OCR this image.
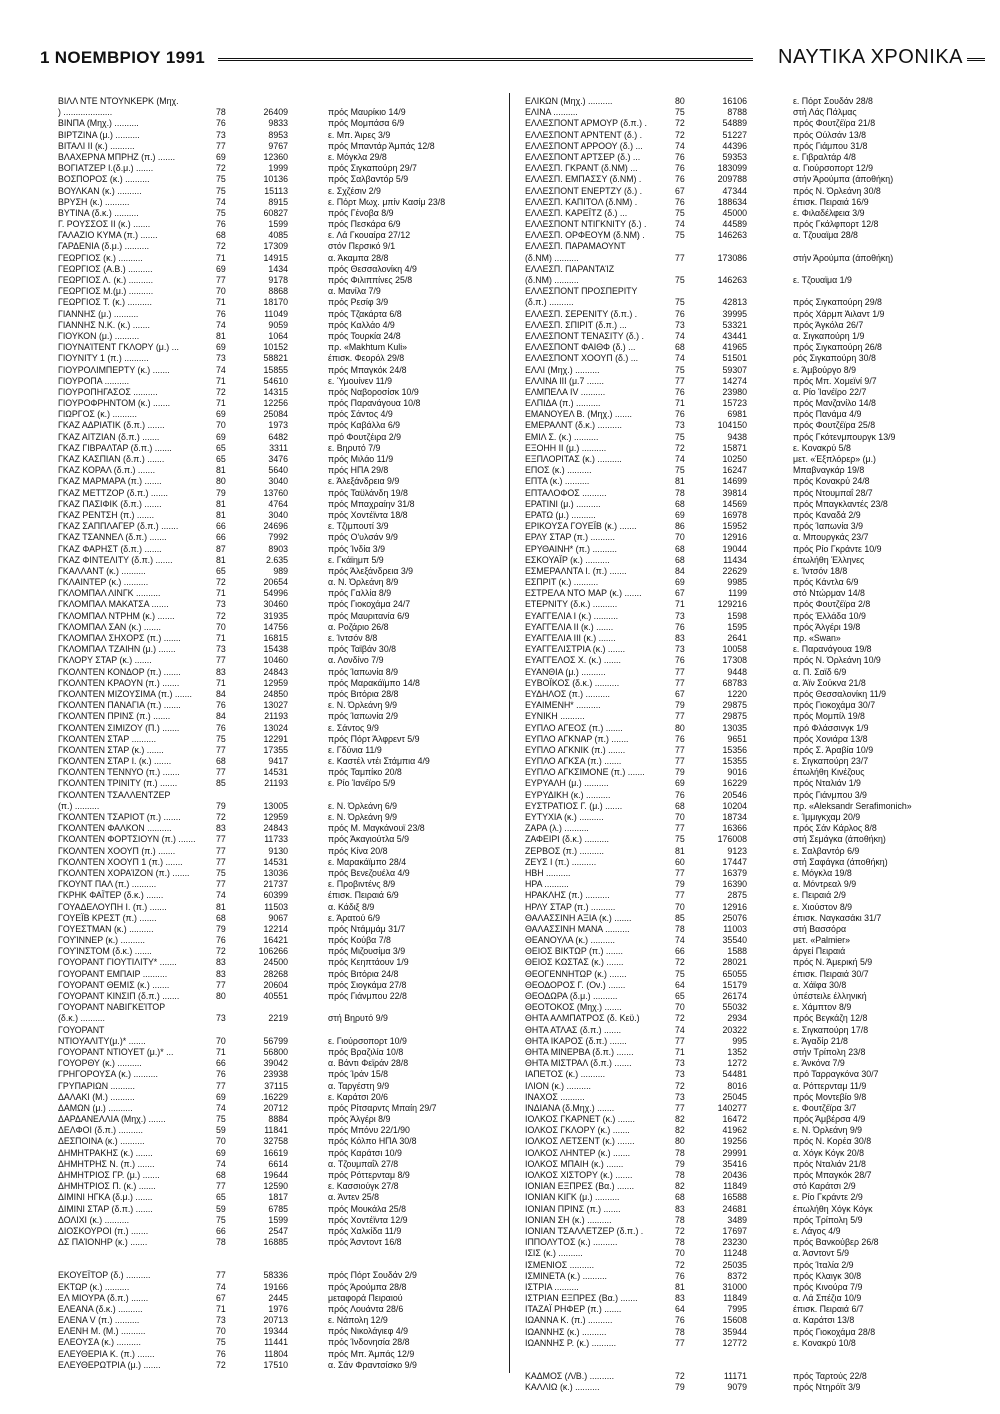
1 ΝΟΕΜΒΡΙΟΥ 1991	ΝΑΥΤΙΚΑ ΧΡΟΝΙΚΑ
ΒΙΛΛ ΝΤΕ ΝΤΟΥΝΚΕΡΚ (Μηχ.
) ....................	78	26409	πρός Μαυρίκιο 14/9
ΒΙΝΠΑ (Μηχ.) ..........	76	9833	πρός Μομπάσα 6/9
ΒΙΡΤΖΙΝΑ (μ.) ..........	73	8953	ε. Μπ. Άιρες 3/9
ΒΙΤΑΛΙ ΙΙ (κ.) ..........	77	9767	πρός Μπαντάρ Άμπάς 12/8
ΒΛΑΧΕΡΝΑ ΜΠΡΗΖ (π.) .......	69	12360	ε. Μόγκλα 29/8
ΒΟΓΙΑΤΖΕΡ Ι.(δ.μ.) .......	72	1999	πρός Σιγκαπούρη 29/7
ΒΟΣΠΟΡΟΣ (κ.) ..........	75	10136	πρός Σαλβαντόρ 5/9
ΒΟΥΛΚΑΝ (κ.) ..........	75	15113	ε. Σχζέσιν 2/9
ΒΡΥΣΗ (κ.) ..........	74	8915	ε. Πόρτ Μωχ. μπίν Κασίμ 23/8
ΒΥΤΙΝΑ (δ.κ.) ..........	75	60827	πρός Γένοβα 8/9
Γ. ΡΟΥΣΣΟΣ ΙΙ (κ.) .......	76	1599	πρός Πεσκάρα 6/9
ΓΑΛΑΖΙΟ ΚΥΜΑ (π.) .......	68	4085	ε. Λά Γκουαίρα 27/12
ΓΑΡΔΕΝΙΑ (δ.μ.) ..........	72	17309	στόν Περσικό 9/1
ΓΕΩΡΓΙΟΣ (κ.) ..........	71	14915	α. Άκαμπα 28/8
ΓΕΩΡΓΙΟΣ (Α.Β.) ..........	69	1434	πρός Θεσσαλονίκη 4/9
ΓΕΩΡΓΙΟΣ Λ. (κ.) ..........	77	9178	πρός Φιλιππίνες 25/8
ΓΕΩΡΓΙΟΣ Μ.(μ.) ..........	70	8868	α. Μανίλα 7/9
ΓΕΩΡΓΙΟΣ Τ. (κ.) ..........	71	18170	πρός Ρεσίφ 3/9
ΓΙΑΝΝΗΣ (μ.) ..........	76	11049	πρός Τζακάρτα 6/8
ΓΙΑΝΝΗΣ Ν.Κ. (κ.) .......	74	9059	πρός Καλλάο 4/9
ΓΙΟΥΚΟΝ (μ.) ..........	81	1064	πρός Τουρκία 24/8
ΓΙΟΥΝΑΊΤΕΝΤ ΓΚΛΟΡΥ (μ.) ...	69	10152	πρ. «Makhtum Kuli»
ΓΙΟΥΝΙΤΥ 1 (π.) ..........	73	58821	έπισκ. Φεορόλ 29/8
ΓΙΟΥΡΟΛΙΜΠΕΡΤΥ (κ.) .......	74	15855	πρός Μπαγκόκ 24/8
ΓΙΟΥΡΟΠΑ ..........	71	54610	ε. Ύμουίνεν 11/9
ΓΙΟΥΡΟΠΗΓΑΣΟΣ ..........	72	14315	πρός Ναβοροσίσκ 10/9
ΓΙΟΥΡΟΦΡΗΝΤΟΜ (κ.) .......	71	12256	πρός Παρανάγουα 10/8
ΓΙΩΡΓΟΣ (κ.) ..........	69	25084	πρός Σάντος 4/9
ΓΚΑΖ ΑΔΡΙΑΤΙΚ (δ.π.) .......	70	1973	πρός Καβάλλα 6/9
ΓΚΑΖ ΑΙΤΖΙΑΝ (δ.π.) .......	69	6482	πρό Φουτζέιρα 2/9
ΓΚΑΖ ΓΙΒΡΑΛΤΑΡ (δ.π.) .......	65	3311	ε. Βηρυτό 7/9
ΓΚΑΖ ΚΑΣΠΙΑΝ (δ.π.) .......	65	3476	πρός Μιλάο 11/9
ΓΚΑΖ ΚΟΡΑΛ (δ.π.) .......	81	5640	πρός ΗΠΑ 29/8
ΓΚΑΖ ΜΑΡΜΑΡΑ (π.) .......	80	3040	ε. Άλεξάνδρεια 9/9
ΓΚΑΖ ΜΕΤΤΖΟΡ (δ.π.) .......	79	13760	πρός Ταϋλάνδη 19/8
ΓΚΑΖ ΠΑΣΙΦΙΚ (δ.π.) .......	81	4764	πρός Μπαχραίην 31/8
ΓΚΑΖ ΡΕΝΤΣΗ (π.) .......	81	3040	πρός Χοντέϊντα 18/8
ΓΚΑΖ ΣΑΠΠΛΑΓΕΡ (δ.π.) .......	66	24696	ε. Τζιμπουτί 3/9
ΓΚΑΖ ΤΣΑΝΝΕΛ (δ.π.) .......	66	7992	πρός Ο'υλσάν 9/9
ΓΚΑΖ ΦΑΡΗΣΤ (δ.π.) .......	87	8903	πρός Ίνδία 3/9
ΓΚΑΖ ΦΙΝΤΕΛΙΤΥ (δ.π.) .......	81	2.635	ε. Γκάϊημπ 5/9
ΓΚΑΛΛΑΝΤ (κ.) ..........	65	989	πρός Άλεξάνδρεια 3/9
ΓΚΛΑΙΝΤΕΡ (κ.) ..........	72	20654	α. Ν. Όρλεάνη 8/9
ΓΚΛΟΜΠΑΛ ΛΙΝΓΚ ..........	71	54996	πρός Γαλλία 8/9
ΓΚΛΟΜΠΑΛ ΜΑΚΑΤΣΑ .......	73	30460	πρός Γιοκοχάμα 24/7
ΓΚΛΟΜΠΑΛ ΝΤΡΗΜ (κ.) .......	72	31935	πρός Μαυριτανία 6/9
ΓΚΛΟΜΠΑΛ ΣΑΝ (κ.) .......	70	14756	α. Ροζάριο 26/8
ΓΚΛΟΜΠΑΛ ΣΗΧΟΡΣ (π.) .......	71	16815	ε. Ίντσόν 8/8
ΓΚΛΟΜΠΑΛ ΤΖΑΙΗΝ (μ.) .......	73	15438	πρός Ταϊβάν 30/8
ΓΚΛΟΡΥ ΣΤΑΡ (κ.) .......	77	10460	α. Λονδίνο 7/9
ΓΚΟΛΝΤΕΝ ΚΟΝΔΟΡ (π.) .......	83	24843	πρός Ίαπωνία 8/9
ΓΚΟΛΝΤΕΝ ΚΡΑΟΥΝ (π.) .......	71	12959	πρός Μαρακάϊμπο 14/8
ΓΚΟΛΝΤΕΝ ΜΙΖΟΥΣΙΜΑ (π.) .......	84	24850	πρός Βιτόρια 28/8
ΓΚΟΛΝΤΕΝ ΠΑΝΑΓΙΑ (π.) .......	76	13027	ε. Ν. Όρλεάνη 9/9
ΓΚΟΛΝΤΕΝ ΠΡΙΝΣ (π.) .......	84	21193	πρός Ίαπωνία 2/9
ΓΚΟΛΝΤΕΝ ΣΙΜΙΖΟΥ (Π.) .......	76	13024	ε. Σάντος 9/9
ΓΚΟΛΝΤΕΝ ΣΤΑΡ ..........	75	12291	πρός Πόρτ Άλφρεντ 5/9
ΓΚΟΛΝΤΕΝ ΣΤΑΡ (κ.) .......	77	17355	ε. Γδύνια 11/9
ΓΚΟΛΝΤΕΝ ΣΤΑΡ Ι. (κ.) .......	68	9417	ε. Καστέλ ντέι Στάμπια 4/9
ΓΚΟΛΝΤΕΝ ΤΕΝΝΥΟ (π.) .......	77	14531	πρός Ταμπίκο 20/8
ΓΚΟΛΝΤΕΝ ΤΡΙΝΙΤΥ (π.) .......	85	21193	ε. Ρίο Ίανέϊρο 5/9
ΓΚΟΛΝΤΕΝ ΤΣΑΛΛΕΝΤΖΕΡ
(π.) ..........	79	13005	ε. Ν. Όρλεάνη 6/9
ΓΚΟΛΝΤΕΝ ΤΣΑΡΙΟΤ (π.) .......	72	12959	ε. Ν. Όρλεάνη 9/9
ΓΚΟΛΝΤΕΝ ΦΑΛΚΟΝ ..........	83	24843	πρός Μ. Μαγκάνουϊ 23/8
ΓΚΟΛΝΤΕΝ ΦΟΡΤΣΙΟΥΝ (π.) .......	77	11733	πρός Άκαγιούτλα 5/9
ΓΚΟΛΝΤΕΝ ΧΟΟΥΠ (π.) .......	77	9130	πρός Κίνα 20/8
ΓΚΟΛΝΤΕΝ ΧΟΟΥΠ 1 (π.) .......	77	14531	ε. Μαρακάϊμπο 28/4
ΓΚΟΛΝΤΕΝ ΧΟΡΑΊΖΟΝ (π.) .......	75	13036	πρός Βενεζουέλα 4/9
ΓΚΟΥΝΤ ΠΑΛ (π.) ..........	77	21737	ε. Προβιντένς 8/9
ΓΚΡΗΚ ΦΑΪΤΕΡ (δ.κ.) .......	74	60399	έπισκ. Πειραιά 6/9
ΓΟΥΑΔΕΛΟΥΠΗ Ι. (π.) .......	81	11503	α. Κάδιξ 8/9
ΓΟΥΕΪΒ ΚΡΕΣΤ (π.) .......	68	9067	ε. Άρατού 6/9
ΓΟΥΕΣΤΜΑΝ (κ.) ..........	79	12214	πρός Ντάμμάμ 31/7
ΓΟΥΊΝΝΕΡ (κ.) ..........	76	16421	πρός Κούβα 7/8
ΓΟΥΊΝΣΤΟΜ (δ.κ.) .......	72	106266	πρός Μιζουσίμα 3/9
ΓΟΥΟΡΑΝΤ ΓΙΟΥΤΙΛΙΤΥ* .......	83	24500	πρός Κεηπτάουν 1/9
ΓΟΥΟΡΑΝΤ ΕΜΠΑΙΡ ..........	83	28268	πρός Βιτόρια 24/8
ΓΟΥΟΡΑΝΤ ΘΕΜΙΣ (κ.) .......	77	20604	πρός Σιογκάμα 27/8
ΓΟΥΟΡΑΝΤ ΚΙΝΣΙΠ (δ.π.) .......	80	40551	πρός Γιάνμπου 22/8
ΓΟΥΟΡΑΝΤ ΝΑΒΙΓΚΕΊΤΟΡ
(δ.κ.) ..........	73	2219	στή Βηρυτό 9/9
ΓΟΥΟΡΑΝΤ
ΝΤΙΟΥΑΛΙΤΥ(μ.)* .......	70	56799	ε. Γιούρσοπορτ 10/9
ΓΟΥΟΡΑΝΤ ΝΤΙΟΥΕΤ (μ.)* ...	71	56800	πρός Βραζιλία 10/8
ΓΟΥΟΡΘΥ (κ.) ..........	66	39042	α. Βάντι Φεϊράν 28/8
ΓΡΗΓΟΡΟΥΣΑ (κ.) ..........	76	23938	πρός Ίράν 15/8
ΓΡΥΠΑΡΙΩΝ ..........	77	37115	α. Ταργέστη 9/9
ΔΑΛΑΚΙ (Μ.) ..........	69	.16229	ε. Καράτσι 20/6
ΔΑΜΩΝ (μ.) ..........	74	20712	πρός Ρίτσαρντς Μπαίη 29/7
ΔΑΡΔΑΝΕΛΛΙΑ (Μηχ.) .......	75	8884	πρός Άλγέρι 8/9
ΔΕΛΦΟΙ (δ.π.) ..........	59	11841	πρός Μπόνυ 22/1/90
ΔΕΣΠΟΙΝΑ (κ.) ..........	70	32758	πρός Κόλπο ΗΠΑ 30/8
ΔΗΜΗΤΡΑΚΗΣ (κ.) .......	69	16619	πρός Καράτσι 10/9
ΔΗΜΗΤΡΗΣ Ν. (π.) .......	74	6614	α. Τζουμπαΐλ 27/8
ΔΗΜΗΤΡΙΟΣ ΓΡ. (μ.) .......	68	19644	πρός Ρόττερνταμ 8/9
ΔΗΜΗΤΡΙΟΣ Π. (κ.) .......	77	12590	ε. Κασσιούγκ 27/8
ΔΙΜΙΝΙ ΗΓΚΑ (δ.μ.) .......	65	1817	α. Άντεν 25/8
ΔΙΜΙΝΙ ΣΤΑΡ (δ.π.) .......	59	6785	πρός Μουκάλα 25/8
ΔΟΛΙΧΙ (κ.) ..........	75	1599	πρός Χοντέϊντα 12/9
ΔΙΟΣΚΟΥΡΟΙ (π.) .......	66	2547	πρός Χαλκίδα 11/9
ΔΣ ΠΑΊΟΝΗΡ (κ.) .......	78	16885	πρός Άσντοντ 16/8
ΕΚΟΥΕΪΤΟΡ (δ.) ..........	77	58336	πρός Πόρτ Σουδάν 2/9
ΕΚΤΩΡ (κ.) ..........	74	19166	πρός Άρούμπα 28/8
ΕΛ ΜΙΟΥΡΑ (δ.π.) .......	67	2445	μεταφορά Πειραιού
ΕΛΕΑΝΑ (δ.κ.) ..........	71	1976	πρός Λουάντα 28/6
ΕΛΕΝΑ V (π.) ..........	73	20713	ε. Νάπολη 12/9
ΕΛΕΝΗ Μ. (Μ.) ..........	70	19344	πρός Νικολάγιεφ 4/9
ΕΛΕΟΥΣΑ (κ.) ..........	75	11441	πρός Ίνδονησία 28/8
ΕΛΕΥΘΕΡΙΑ Κ. (π.) .......	76	11804	πρός Μπ. Άμπάς 12/9
ΕΛΕΥΘΕΡΩΤΡΙΑ (μ.) .......	72	17510	α. Σάν Φραντσίσκο 9/9
ΕΛΙΚΩΝ (Μηχ.) ..........	80	16106	ε. Πόρτ Σουδάν 28/8
ΕΛΙΝΑ ..........	75	8788	στή Λάς Πάλμας
ΕΛΛΕΣΠΟΝΤ ΑΡΜΟΥΡ (δ.π.) .	72	54889	πρός Φουτζέϊρα 21/8
ΕΛΛΕΣΠΟΝΤ ΑΡΝΤΕΝΤ (δ.) .	72	51227	πρός Ούλσάν 13/8
ΕΛΛΕΣΠΟΝΤ ΑΡΡΟΟΥ (δ.) ...	74	44396	πρός Γιάμπου 31/8
ΕΛΛΕΣΠΟΝΤ ΑΡΤΣΕΡ (δ.) ...	76	59353	ε. Γιβραλτάρ 4/8
ΕΛΛΕΣΠ. ΓΚΡΑΝΤ (δ.ΝΜ) ...	76	183099	α. Γιούρσοπορτ 12/9
ΕΛΛΕΣΠ. ΕΜΠΑΣΣΥ (δ.ΝΜ) .	76	209788	στήν Άρούμπα (άποθήκη)
ΕΛΛΕΣΠΟΝΤ ΕΝΕΡΤΖΥ (δ.) .	67	47344	πρός Ν. Όρλεάνη 30/8
ΕΛΛΕΣΠ. ΚΑΠΙΤΟΛ (δ.ΝΜ) .	76	188634	έπισκ. Πειραιά 16/9
ΕΛΛΕΣΠ. ΚΑΡΕΪΤΖ (δ.) ...	75	45000	ε. Φιλαδέλφεια 3/9
ΕΛΛΕΣΠΟΝΤ ΝΤΙΓΚΝΙΤΥ (δ.) .	74	44589	πρός Γκάλφπορτ 12/8
ΕΛΛΕΣΠ. ΟΡΦΕΟΥΜ (δ.ΝΜ) .	75	146263	α. Τζουαϊμα 28/8
ΕΛΛΕΣΠ. ΠΑΡΑΜΑΟΥΝΤ
(δ.ΝΜ) ..........	77	173086	στήν Άρούμπα (άποθήκη)
ΕΛΛΕΣΠ. ΠΑΡΑΝΤΑΊΖ
(δ.ΝΜ) ..........	75	146263	ε. Τζουαϊμα 1/9
ΕΛΛΕΣΠΟΝΤ ΠΡΟΣΠΕΡΙΤΥ
(δ.π.) ..........	75	42813	πρός Σιγκαπούρη 29/8
ΕΛΛΕΣΠ. ΣΕΡΕΝΙΤΥ (δ.π.) .	76	39995	πρός Χάρμπ Άιλαντ 1/9
ΕΛΛΕΣΠ. ΣΠΙΡΙΤ (δ.π.) ...	73	53321	πρός Άγκόλα 26/7
ΕΛΛΕΣΠΟΝΤ ΤΕΝΑΣΙΤΥ (δ.) .	74	43441	α. Σιγκαπούρη 1/9
ΕΛΛΕΣΠΟΝΤ ΦΑΙΘΦ (δ.) ...	68	41965	πρός Σιγκαπούρη 26/8
ΕΛΛΕΣΠΟΝΤ ΧΟΟΥΠ (δ.) ...	74	51501	ρός Σιγκαπούρη 30/8
ΕΛΛΙ (Μηχ.) ..........	75	59307	ε. Άμβούργο 8/9
ΕΛΛΙΝΑ ΙΙΙ (μ.7 .......	77	14274	πρός Μπ. Χομεϊνί 9/7
ΕΛΜΠΕΛΑ IV ..........	76	23980	α. Ρίο Ίανέϊρο 22/7
ΕΛΠΙΔΑ (π.) ..........	71	15723	πρός Μανζανίλο 14/8
ΕΜΑΝΟΥΕΛ Β. (Μηχ.) .......	76	6981	πρός Πανάμα 4/9
ΕΜΕΡΑΛΝΤ (δ.κ.) ..........	73	104150	πρός Φουτζέϊρα 25/8
ΕΜΙΛ Σ. (κ.) ..........	75	9438	πρός Γκότενμπουργκ 13/9
ΕΞΟΗΗ ΙΙ (μ.) ..........	72	15871	ε. Κονακρύ 5/8
ΕΞΠΛΟΡΙΤΑΣ (κ.) ..........	74	10250	μετ. «Έξπλόρερ» (μ.)
ΕΠΟΣ (κ.) ..........	75	16247	Μπαβναγκάρ 19/8
ΕΠΤΑ (κ.) ..........	81	14699	πρός Κονακρύ 24/8
ΕΠΤΑΛΟΦΟΣ ..........	78	39814	πρός Ντουμπαΐ 28/7
ΕΡΑΤΙΝΙ (μ.) ..........	68	14569	πρός Μπαγκλαντές 23/8
ΕΡΑΤΩ (μ.) ..........	69	16978	πρός Καναδά 2/9
ΕΡΙΚΟΥΣΑ ΓΟΥΕΪΒ (κ.) .......	86	15952	πρός Ίαπωνία 3/9
ΕΡΛΥ ΣΤΑΡ (π.) ..........	70	12916	α. Μπουργκάς 23/7
ΕΡΥΘΑΙΝΗ* (π.) ..........	68	19044	πρός Ρίο Γκράντε 10/9
ΕΣΚΟΥΑΪΡ (κ.) ..........	68	11434	έπωλήθη Έλληνες
ΕΣΜΕΡΑΛΝΤΑ Ι. (π.) .......	84	22629	ε. Ίντσόν 18/8
ΕΣΠΡΙΤ (κ.) ..........	69	9985	πρός Κάντλα 6/9
ΕΣΤΡΕΛΑ ΝΤΟ ΜΑΡ (κ.) .......	67	1199	στό Ντώρμαν 14/8
ΕΤΕΡΝΙΤΥ (δ.κ.) ..........	71	129216	πρός Φουτζέϊρα 2/8
ΕΥΑΓΓΕΛΙΑ Ι (κ.) ..........	73	1598	πρός Έλλάδα 10/9
ΕΥΑΓΓΕΛΙΑ ΙΙ (κ.) .......	76	1595	πρός Άλγέρι 19/8
ΕΥΑΓΓΕΛΙΑ ΙΙΙ (κ.) .......	83	2641	πρ. «Swan»
ΕΥΑΓΓΕΛΙΣΤΡΙΑ (κ.) .......	73	10058	ε. Παρανάγουα 19/8
ΕΥΑΓΓΕΛΟΣ Χ. (κ.) .......	76	17308	πρός Ν. Όρλεάνη 10/9
ΕΥΑΝΘΙΑ (μ.) ..........	77	9448	α. Π. Σαϊδ 6/9
ΕΥΒΟΪΚΟΣ (δ.κ.) ..........	77	68783	α. Άϊν Σούκνα 21/8
ΕΥΔΗΛΟΣ (π.) ..........	67	1220	πρός Θεσσαλονίκη 11/9
ΕΥΑΙΜΕΝΗ* ..........	79	29875	πρός Γιοκοχάμα 30/7
ΕΥΝΙΚΗ ..........	77	29875	πρός Μομπίλ 19/8
ΕΥΠΛΟ ΑΓΕΟΣ (π.) .......	80	13035	πρό Φλάσσινγκ 1/9
ΕΥΠΛΟ ΑΓΚΝΑΡ (π.) .......	76	9651	πρός Χονιάρα 13/8
ΕΥΠΛΟ ΑΓΚΝΙΚ (π.) .......	77	15356	πρός Σ. Άραβία 10/9
ΕΥΠΛΟ ΑΓΚΣΑ (π.) .......	77	15355	ε. Σιγκαπούρη 23/7
ΕΥΠΛΟ ΑΓΚΣΙΜΟΝΕ (π.) .......	79	9016	έπωλήθη Κινέζους
ΕΥΡΥΑΛΗ (μ.) ..........	69	16229	πρός Νταλιάν 1/9
ΕΥΡΥΔΙΚΗ (κ.) ..........	76	20546	πρός Γιάνμπου 3/9
ΕΥΣΤΡΑΤΙΟΣ Γ. (μ.) .......	68	10204	πρ. «Aleksandr Serafimonich»
ΕΥΤΥΧΙΑ (κ.) ..........	70	18734	ε. Ίμμιγκχαμ 20/9
ΖΑΡΑ (λ.) ..........	77	16366	πρός Σάν Κάρλος 8/8
ΖΑΦΕΙΡΙ (δ.κ.) ..........	75	176008	στή Σεμάγκα (άποθήκη)
ΖΕΡΒΟΣ (π.) ..........	81	9123	ε. Σαλβαντόρ 6/9
ΖΕΥΣ Ι (π.) ..........	60	17447	στή Σαφάγκα (άποθήκη)
ΗΒΗ ..........	77	16379	ε. Μόγκλα 19/8
ΗΡΑ ..........	79	16390	α. Μόντρεαλ 9/9
ΗΡΑΚΛΗΣ (π.) ..........	77	2875	ε. Πειραιά 2/9
ΗΡΛΥ ΣΤΑΡ (π.) ..........	70	12916	ε. Χιούστον 8/9
ΘΑΛΑΣΣΙΝΗ ΑΞΙΑ (κ.) .......	85	25076	έπισκ. Ναγκασάκι 31/7
ΘΑΛΑΣΣΙΝΗ ΜΑΝΑ ..........	78	11003	στή Βασσόρα
ΘΕΑΝΟΥΛΑ (κ.) ..........	74	35540	μετ. «Palmier»
ΘΕΙΟΣ ΒΙΚΤΩΡ (π.) .......	66	1588	άργεί Πειραιά
ΘΕΙΟΣ ΚΩΣΤΑΣ (κ.) .......	72	28021	πρός Ν. Άμερική 5/9
ΘΕΟΓΕΝΝΗΤΩΡ (κ.) .......	75	65055	έπισκ. Πειραιά 30/7
ΘΕΟΔΟΡΟΣ Γ. (Ον.) .......	64	15179	α. Χάϊφα 30/8
ΘΕΟΔΩΡΑ (δ.μ.) ..........	65	26174	ύπέστειλε έλληνική
ΘΕΟΤΟΚΟΣ (Μηχ.) .......	70	55032	ε. Χάμπτον 8/9
ΘΗΤΑ ΑΛΜΠΑΤΡΟΣ (δ. Κεϋ.)	72	2934	πρός Βεγκάζη 12/8
ΘΗΤΑ ΑΤΛΑΣ (δ.π.) .......	74	20322	ε. Σιγκαπούρη 17/8
ΘΗΤΑ ΙΚΑΡΟΣ (δ.π.) .......	77	995	ε. Άγαδίρ 21/8
ΘΗΤΑ ΜΙΝΕΡΒΑ (δ.π.) .......	71	1352	στήν Τρίπολη 23/8
ΘΗΤΑ ΜΙΣΤΡΑΛ (δ.π.) .......	73	1272	ε. Άνκόνα 7/9
ΙΑΠΕΤΟΣ (κ.) ..........	73	54481	πρό Ταρραγκόνα 30/7
ΙΛΙΟΝ (κ.) ..........	72	8016	α. Ρόττερνταμ 11/9
ΙΝΑΧΟΣ ..........	73	25045	πρός Μοντεβίο 9/8
ΙΝΔΙΑΝΑ (δ.Μηχ.) .......	77	140277	ε. Φουτζέϊρα 3/7
ΙΟΛΚΟΣ ΓΚΑΡΝΕΤ (κ.) .......	82	16472	πρός Άμβέρσα 4/9
ΙΟΛΚΟΣ ΓΚΛΟΡΥ (κ.) .......	82	41962	ε. Ν. Όρλεάνη 9/9
ΙΟΛΚΟΣ ΛΕΤΣΕΝΤ (κ.) .......	80	19256	πρός Ν. Κορέα 30/8
ΙΟΛΚΟΣ ΛΗΝΤΕΡ (κ.) .......	78	29991	α. Χόγκ Κόγκ 20/8
ΙΟΛΚΟΣ ΜΠΑΙΗ (κ.) .......	79	35416	πρός Νταλιάν 21/8
ΙΟΛΚΟΣ ΧΙΣΤΟΡΥ (κ.) .......	78	20436	πρός Μπαγκόκ 28/7
ΙΟΝΙΑΝ ΕΞΠΡΕΣ (Βα.) .......	82	11849	στό Καράτσι 2/9
ΙΟΝΙΑΝ ΚΙΓΚ (μ.) ..........	68	16588	ε. Ρίο Γκράντε 2/9
ΙΟΝΙΑΝ ΠΡΙΝΣ (π.) .......	83	24681	έπωλήθη Χόγκ Κόγκ
ΙΟΝΙΑΝ ΣΗ (κ.) ..........	78	3489	πρός Τρίπολη 5/9
ΙΟΝΙΑΝ ΤΣΑΛΛΕΤΖΕΡ (δ.π.) .	72	17697	ε. Λάγος 4/9
ΙΠΠΟΛΥΤΟΣ (κ.) ..........	78	23230	πρός Βανκούβερ 26/8
ΙΣΙΣ (κ.) ..........	70	11248	α. Άσντοντ 5/9
ΙΣΜΕΝΙΟΣ ..........	72	25035	πρός Ίταλία 2/9
ΙΣΜΙΝΕΤΑ (κ.) ..........	76	8372	πρός Κλαιγκ 30/8
ΙΣΤΡΙΑ ..........	81	31000	πρός Κινούρα 7/9
ΙΣΤΡΙΑΝ ΕΞΠΡΕΣ (Βα.) .......	83	11849	α. Λά Σπέζια 10/9
ΙΤΑΖΑΪ ΡΗΦΕΡ (π.) .......	64	7995	έπισκ. Πειραιά 6/7
ΙΩΑΝΝΑ Κ. (π.) ..........	76	15608	α. Καράτσι 13/8
ΙΩΑΝΝΗΣ (κ.) ..........	78	35944	πρός Γιοκοχάμα 28/8
ΙΩΑΝΝΗΣ Ρ. (κ.) ..........	77	12772	ε. Κονακρύ 10/8
ΚΑΔΜΟΣ (Λ/Β.) ..........	72	11171	πρός Ταρτούς 22/8
ΚΑΛΛΙΩ (κ.) ..........	79	9079	πρός Ντηρόϊτ 3/9
